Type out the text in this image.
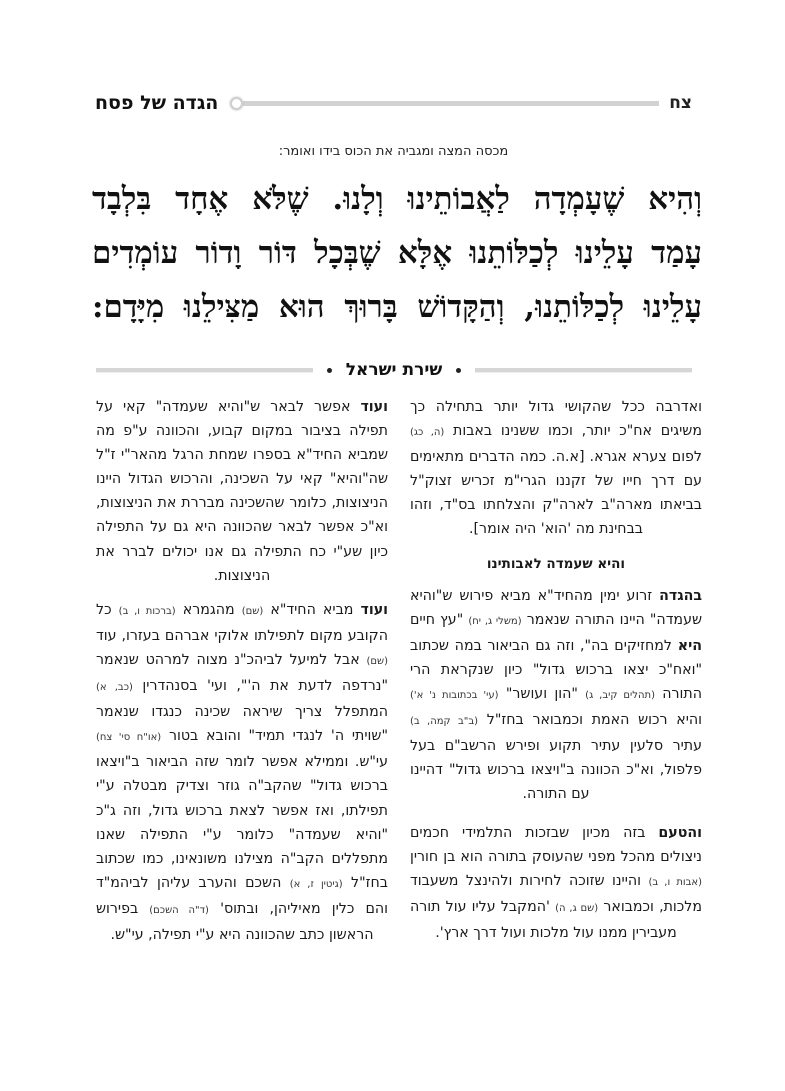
צח
הגדה של פסח
מכסה המצה ומגביה את הכוס בידו ואומר:
וְהִיא שֶׁעָמְדָה לַאֲבוֹתֵינוּ וְלָנוּ. שֶׁלֹּא אֶחָד בִּלְבָד
עָמַד עָלֵינוּ לְכַלּוֹתֵנוּ אֶלָּא שֶׁבְּכָל דּוֹר וָדוֹר עוֹמְדִים
עָלֵינוּ לְכַלּוֹתֵנוּ, וְהַקָּדוֹשׁ בָּרוּךְ הוּא מַצִּילֵנוּ מִיָּדָם:
שירת ישראל

ואדרבה ככל שהקושי גדול יותר בתחילה כך משיגים אח"כ יותר, וכמו ששנינו באבות (ה, כג) לפום צערא אגרא. [א.ה. כמה הדברים מתאימים עם דרך חייו של זקננו הגרי"מ זכריש זצוק"ל בביאתו מארה"ב לארה"ק והצלחתו בס"ד, וזהו בבחינת מה 'הוא' היה אומר].

והיא שעמדה לאבותינו

בהגדה זרוע ימין מהחיד"א מביא פירוש ש"והיא שעמדה" היינו התורה שנאמר (משלי ג, יח) "עץ חיים היא למחזיקים בה", וזה גם הביאור במה שכתוב "ואח"כ יצאו ברכוש גדול" כיון שנקראת הרי התורה (תהלים קיב, ג) "הון ועושר" (עי' בכתובות נ' א') והיא רכוש האמת וכמבואר בחז"ל (ב"ב קמה, ב) עתיר סלעין עתיר תקוע ופירש הרשב"ם בעל פלפול, וא"כ הכוונה ב"ויצאו ברכוש גדול" דהיינו עם התורה.

והטעם בזה מכיון שבזכות התלמידי חכמים ניצולים מהכל מפני שהעוסק בתורה הוא בן חורין (אבות ו, ב) והיינו שזוכה לחירות ולהינצל משעבוד מלכות, וכמבואר (שם ג, ה) 'המקבל עליו עול תורה מעבירין ממנו עול מלכות ועול דרך ארץ'.

ועוד אפשר לבאר ש"והיא שעמדה" קאי על תפילה בציבור במקום קבוע, והכוונה ע"פ מה שמביא החיד"א בספרו שמחת הרגל מהאר"י ז"ל שה"והיא" קאי על השכינה, והרכוש הגדול היינו הניצוצות, כלומר שהשכינה מבררת את הניצוצות, וא"כ אפשר לבאר שהכוונה היא גם על התפילה כיון שע"י כח התפילה גם אנו יכולים לברר את הניצוצות.

ועוד מביא החיד"א (שם) מהגמרא (ברכות ו, ב) כל הקובע מקום לתפילתו אלוקי אברהם בעזרו, עוד (שם) אבל למיעל לביהכ"נ מצוה למרהט שנאמר "נרדפה לדעת את ה'", ועי' בסנהדרין (כב, א) המתפלל צריך שיראה שכינה כנגדו שנאמר "שויתי ה' לנגדי תמיד" והובא בטור (או"ח סי' צח) עי"ש. וממילא אפשר לומר שזה הביאור ב"ויצאו ברכוש גדול" שהקב"ה גוזר וצדיק מבטלה ע"י תפילתו, ואז אפשר לצאת ברכוש גדול, וזה ג"כ "והיא שעמדה" כלומר ע"י התפילה שאנו מתפללים הקב"ה מצילנו משונאינו, כמו שכתוב בחז"ל (גיטין ז, א) השכם והערב עליהן לביהמ"ד והם כלין מאיליהן, ובתוס' (ד"ה השכם) בפירוש הראשון כתב שהכוונה היא ע"י תפילה, עי"ש.
